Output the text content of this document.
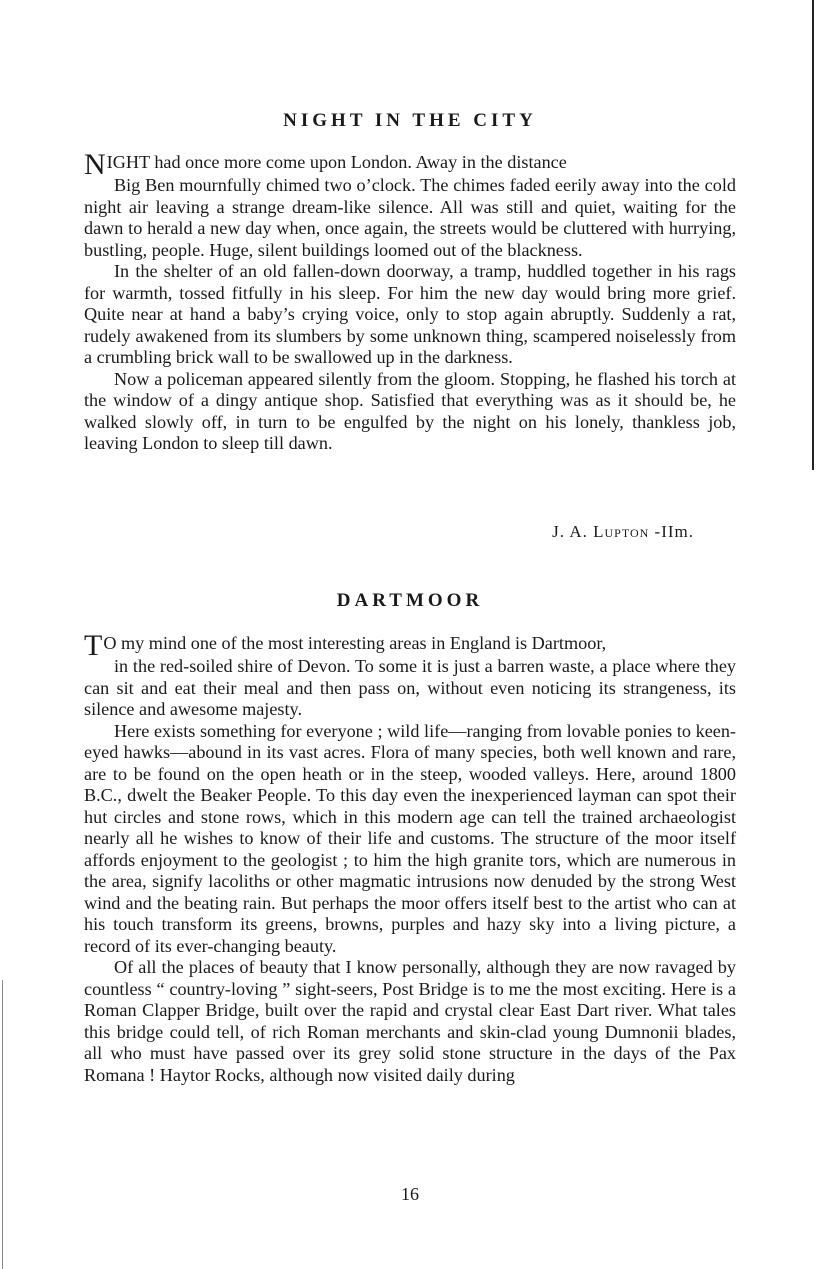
NIGHT IN THE CITY

NIGHT had once more come upon London. Away in the distance
Big Ben mournfully chimed two o’clock. The chimes faded eerily away into the cold night air leaving a strange dream-like silence. All was still and quiet, waiting for the dawn to herald a new day when, once again, the streets would be cluttered with hurrying, bustling, people. Huge, silent buildings loomed out of the blackness.

In the shelter of an old fallen-down doorway, a tramp, huddled together in his rags for warmth, tossed fitfully in his sleep. For him the new day would bring more grief. Quite near at hand a baby’s crying voice, only to stop again abruptly. Suddenly a rat, rudely awakened from its slumbers by some unknown thing, scampered noiselessly from a crumbling brick wall to be swallowed up in the darkness.

Now a policeman appeared silently from the gloom. Stopping, he flashed his torch at the window of a dingy antique shop. Satisfied that everything was as it should be, he walked slowly off, in turn to be engulfed by the night on his lonely, thankless job, leaving London to sleep till dawn.

J. A. Lupton -IIm.
DARTMOOR

TO my mind one of the most interesting areas in England is Dartmoor,
in the red-soiled shire of Devon. To some it is just a barren waste, a place where they can sit and eat their meal and then pass on, without even noticing its strangeness, its silence and awesome majesty.

Here exists something for everyone ; wild life—ranging from lovable ponies to keen-eyed hawks—abound in its vast acres. Flora of many species, both well known and rare, are to be found on the open heath or in the steep, wooded valleys. Here, around 1800 B.C., dwelt the Beaker People. To this day even the inexperienced layman can spot their hut circles and stone rows, which in this modern age can tell the trained archaeologist nearly all he wishes to know of their life and customs. The structure of the moor itself affords enjoyment to the geologist ; to him the high granite tors, which are numerous in the area, signify lacoliths or other magmatic intrusions now denuded by the strong West wind and the beating rain. But perhaps the moor offers itself best to the artist who can at his touch transform its greens, browns, purples and hazy sky into a living picture, a record of its ever-changing beauty.

Of all the places of beauty that I know personally, although they are now ravaged by countless “ country-loving ” sight-seers, Post Bridge is to me the most exciting. Here is a Roman Clapper Bridge, built over the rapid and crystal clear East Dart river. What tales this bridge could tell, of rich Roman merchants and skin-clad young Dumnonii blades, all who must have passed over its grey solid stone structure in the days of the Pax Romana ! Haytor Rocks, although now visited daily during

16
